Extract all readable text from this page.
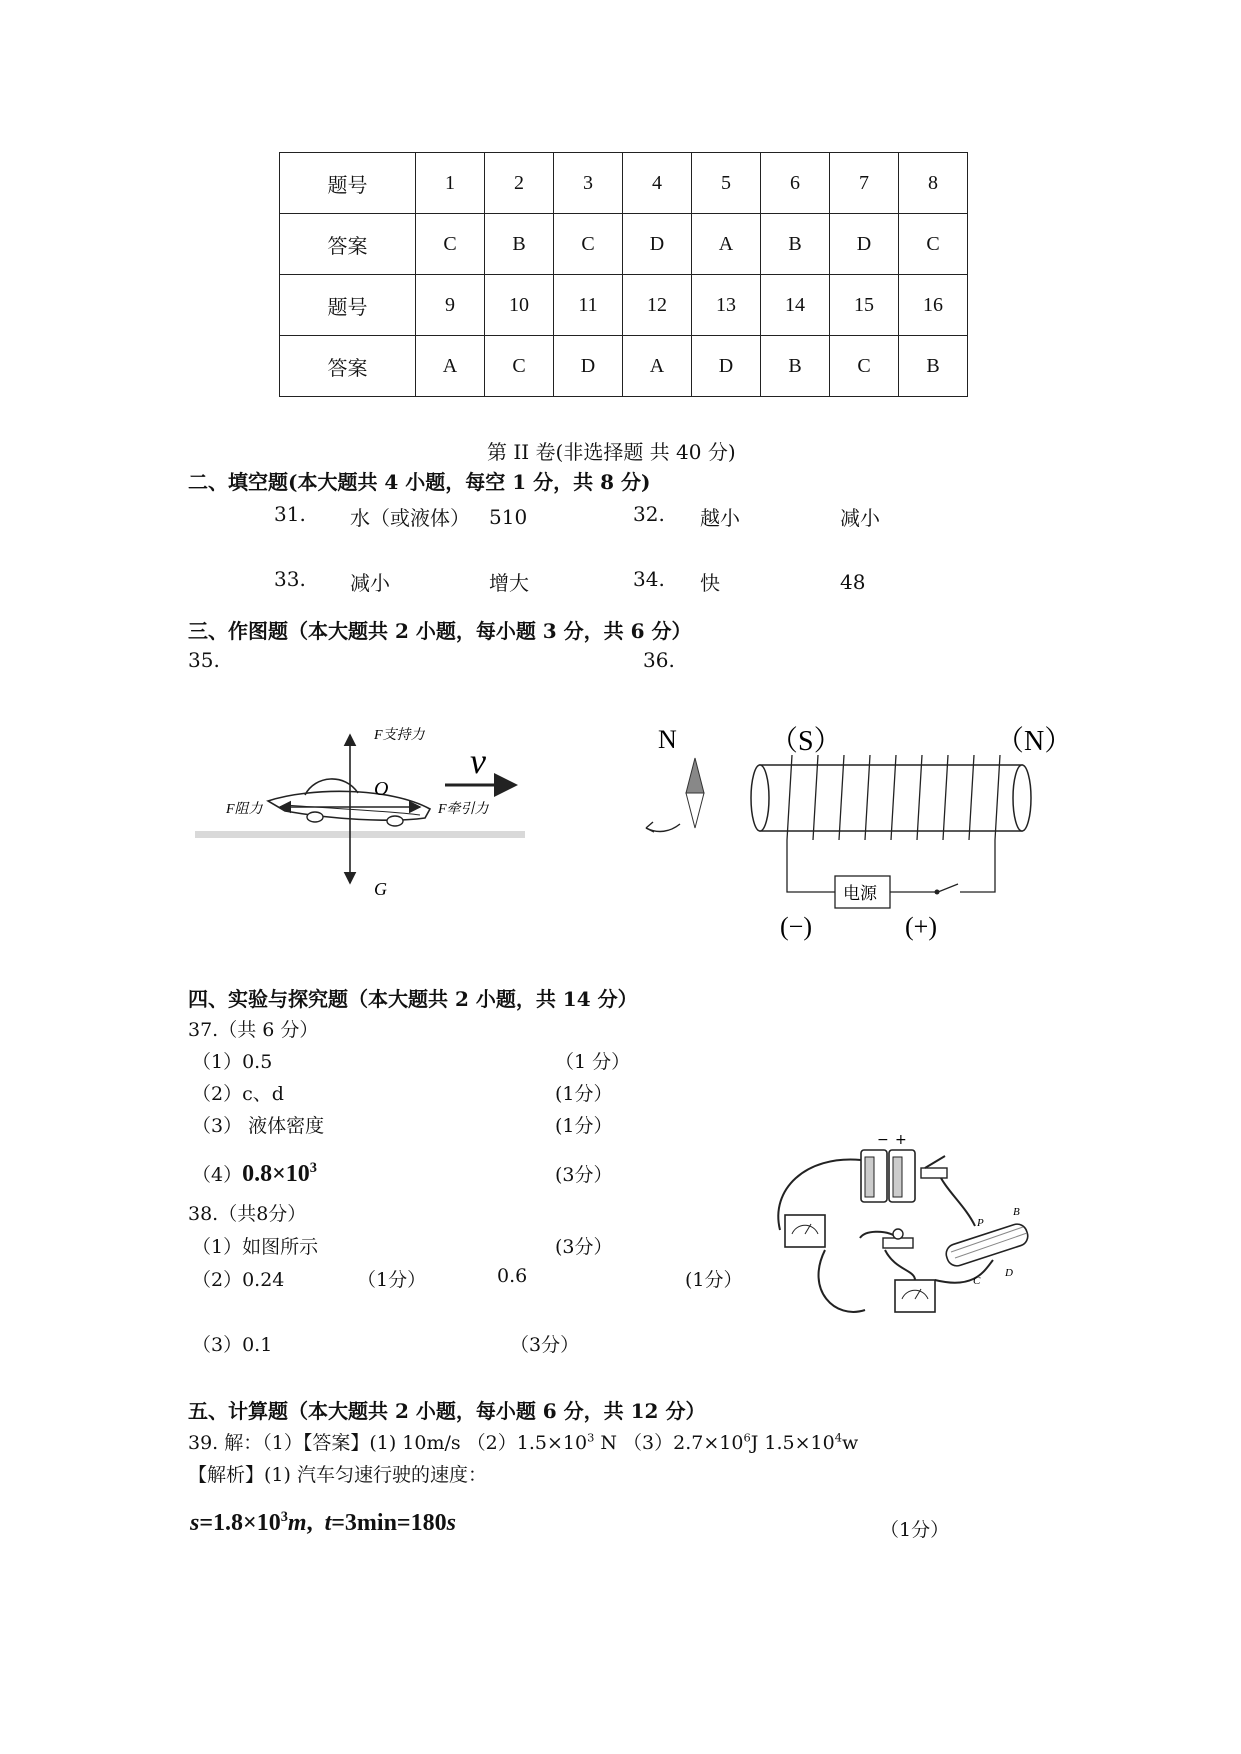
题号	1	2	3	4	5	6	7	8
答案	C	B	C	D	A	B	D	C
题号	9	10	11	12	13	14	15	16
答案	A	C	D	A	D	B	C	B
第 II 卷(非选择题 共 40 分)
二、填空题(本大题共 4 小题，每空 1 分，共 8 分)
31. 水（或液体） 510	32. 越小	减小
33. 减小	增大	34. 快	48
三、作图题（本大题共 2 小题，每小题 3 分，共 6 分）
35.	36.
F支持力
F阻力	F牵引力
G
O
v
N	（S）	（N）
电源
(−)	(+)
四、实验与探究题（本大题共 2 小题，共 14 分）
37.（共 6 分）
（1）0.5	（1 分）
（2）c、d	(1分）
（3） 液体密度	(1分）
$(4)0.8\times 10^3$	(3分）
38.（共8分）
（1）如图所示	(3分）
（2）0.24	（1分）	0.6	(1分）
（3）0.1	（3分）
− +
P
B
C
D
五、计算题（本大题共 2 小题，每小题 6 分，共 12 分）
39. 解：（1）【答案】(1) 10m/s $(2)1.5\times 10^3$ N $(3)2.7\times 10^6J$ $1.5\times 10^4w$
【解析】(1) 汽车匀速行驶的速度：
$s=1.8\times 10^3m$, t=3min=180s	（1分）
